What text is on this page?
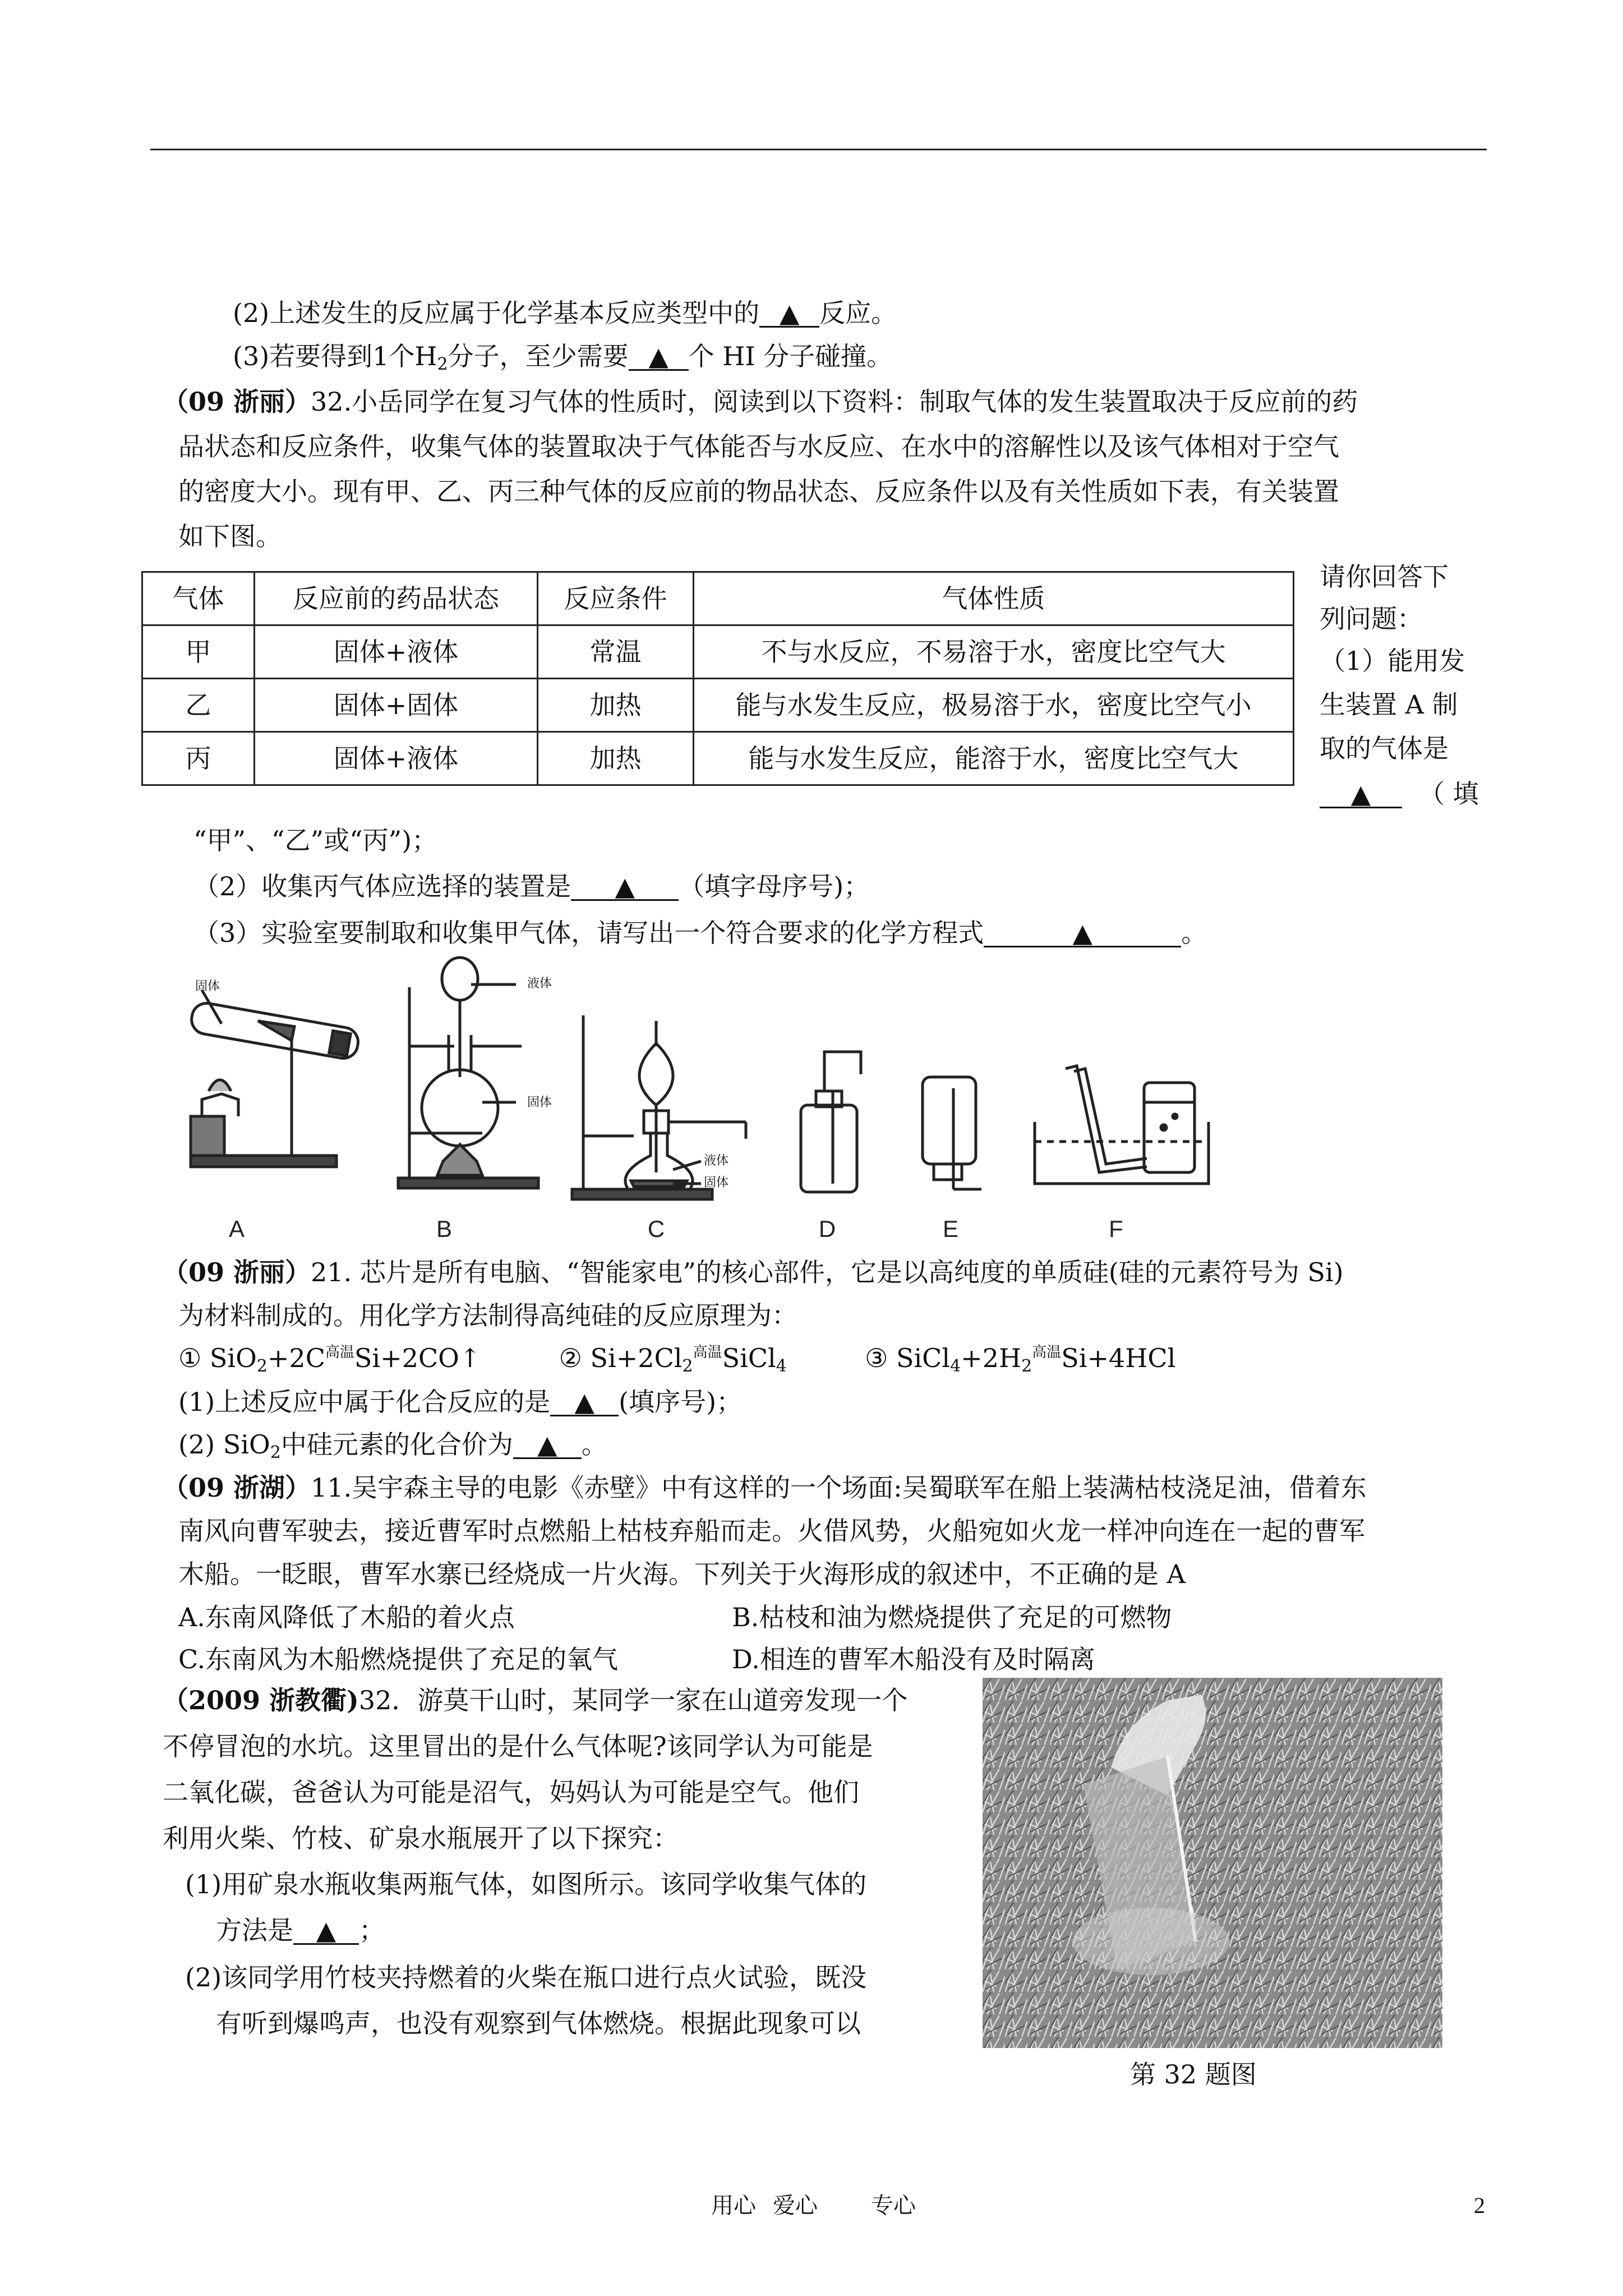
(2)上述发生的反应属于化学基本反应类型中的 ▲ 反应。
(3)若要得到1个$H_2$分子，至少需要 ▲ 个 HI 分子碰撞。
（09 浙丽）32.小岳同学在复习气体的性质时，阅读到以下资料：制取气体的发生装置取决于反应前的药
品状态和反应条件，收集气体的装置取决于气体能否与水反应、在水中的溶解性以及该气体相对于空气
的密度大小。现有甲、乙、丙三种气体的反应前的物品状态、反应条件以及有关性质如下表，有关装置
如下图。
气体	反应前的药品状态	反应条件	气体性质
甲	固体+液体	常温	不与水反应，不易溶于水，密度比空气大
乙	固体+固体	加热	能与水发生反应，极易溶于水，密度比空气小
丙	固体+液体	加热	能与水发生反应，能溶于水，密度比空气大
请你回答下
列问题：
（1）能用发
生装置 A 制
取的气体是
▲ （ 填
“甲”、“乙”或“丙”)；
（2）收集丙气体应选择的装置是 ▲ （填字母序号)；
（3）实验室要制取和收集甲气体，请写出一个符合要求的化学方程式	▲	。
固体	液体
固体
液体
固体
A	B	C	D	E	F
（09 浙丽）21. 芯片是所有电脑、“智能家电”的核心部件，它是以高纯度的单质硅(硅的元素符号为 Si)
为材料制成的。用化学方法制得高纯硅的反应原理为：
① $SiO_2+2C^{高温}Si+2CO↑$	② $Si+2Cl_2^{高温}SiCl_4$	③ $SiCl_4+2H_2^{高温}Si+4HCl$
(1)上述反应中属于化合反应的是 ▲ (填序号)；
(2) SiO$_2$中硅元素的化合价为 ▲ 。
（09 浙湖）11.吴宇森主导的电影《赤壁》中有这样的一个场面:吴蜀联军在船上装满枯枝浇足油，借着东
南风向曹军驶去，接近曹军时点燃船上枯枝弃船而走。火借风势，火船宛如火龙一样冲向连在一起的曹军
木船。一眨眼，曹军水寨已经烧成一片火海。下列关于火海形成的叙述中，不正确的是 A
A.东南风降低了木船的着火点	B.枯枝和油为燃烧提供了充足的可燃物
C.东南风为木船燃烧提供了充足的氧气	D.相连的曹军木船没有及时隔离
（2009 浙教衢)32．游莫干山时，某同学一家在山道旁发现一个
不停冒泡的水坑。这里冒出的是什么气体呢?该同学认为可能是
二氧化碳，爸爸认为可能是沼气，妈妈认为可能是空气。他们
利用火柴、竹枝、矿泉水瓶展开了以下探究：
(1)用矿泉水瓶收集两瓶气体，如图所示。该同学收集气体的
方法是 ▲ ；
(2)该同学用竹枝夹持燃着的火柴在瓶口进行点火试验，既没
有听到爆鸣声，也没有观察到气体燃烧。根据此现象可以
第 32 题图
用心 爱心 专心	2
